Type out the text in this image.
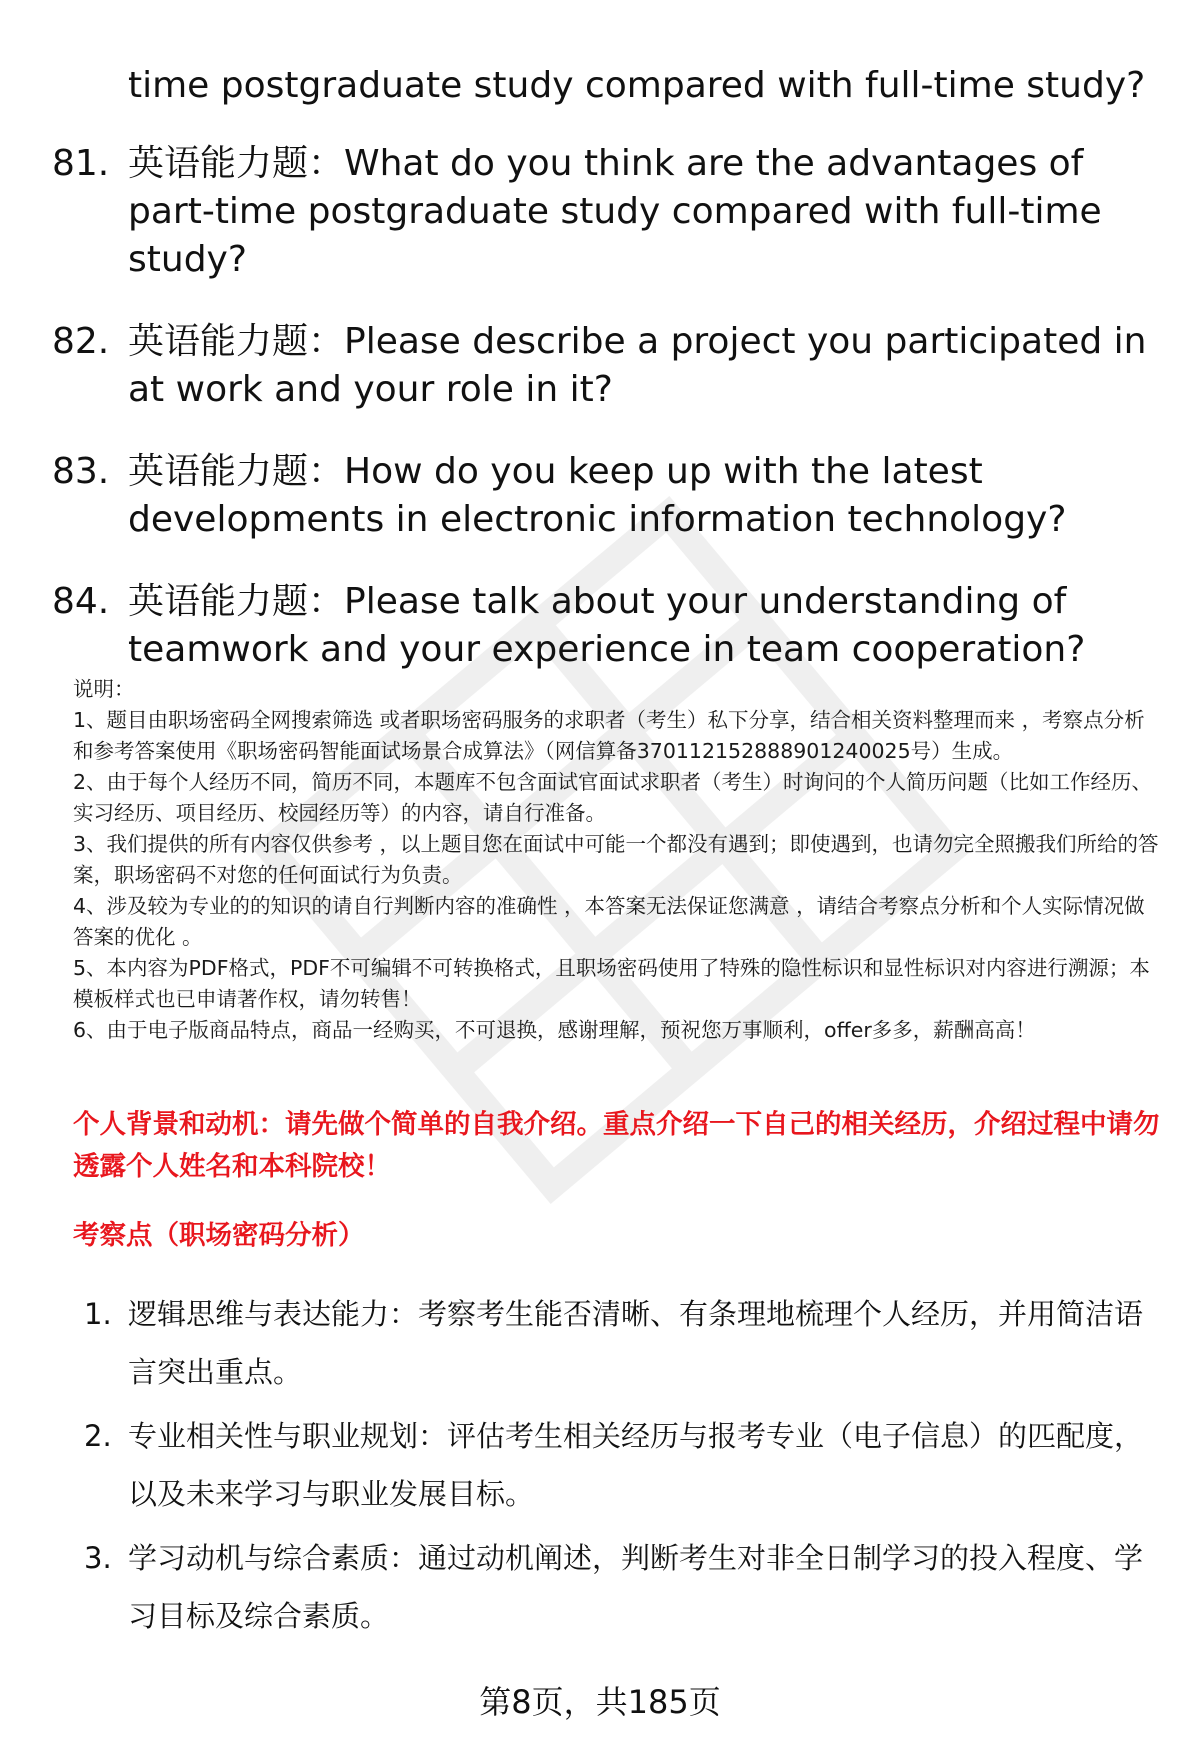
time postgraduate study compared with full-time study?

81. 英语能力题：What do you think are the advantages of part-time postgraduate study compared with full-time study?
82. 英语能力题：Please describe a project you participated in at work and your role in it?
83. 英语能力题：How do you keep up with the latest developments in electronic information technology?
84. 英语能力题：Please talk about your understanding of teamwork and your experience in team cooperation?

说明：

1、题目由职场密码全网搜索筛选 或者职场密码服务的求职者（考生）私下分享，结合相关资料整理而来 ，考察点分析和参考答案使用《职场密码智能面试场景合成算法》（网信算备370112152888901240025号）生成。

2、由于每个人经历不同，简历不同，本题库不包含面试官面试求职者（考生）时询问的个人简历问题（比如工作经历、实习经历、项目经历、校园经历等）的内容，请自行准备。

3、我们提供的所有内容仅供参考 ，以上题目您在面试中可能一个都没有遇到；即使遇到，也请勿完全照搬我们所给的答案，职场密码不对您的任何面试行为负责。

4、涉及较为专业的的知识的请自行判断内容的准确性 ，本答案无法保证您满意 ，请结合考察点分析和个人实际情况做答案的优化 。

5、本内容为PDF格式，PDF不可编辑不可转换格式，且职场密码使用了特殊的隐性标识和显性标识对内容进行溯源；本模板样式也已申请著作权，请勿转售！

6、由于电子版商品特点，商品一经购买，不可退换，感谢理解，预祝您万事顺利，offer多多，薪酬高高！

个人背景和动机：请先做个简单的自我介绍。重点介绍一下自己的相关经历，介绍过程中请勿透露个人姓名和本科院校！

考察点（职场密码分析）

1. 逻辑思维与表达能力：考察考生能否清晰、有条理地梳理个人经历，并用简洁语言突出重点。
2. 专业相关性与职业规划：评估考生相关经历与报考专业（电子信息）的匹配度，以及未来学习与职业发展目标。
3. 学习动机与综合素质：通过动机阐述，判断考生对非全日制学习的投入程度、学习目标及综合素质。
第8页，共185页
